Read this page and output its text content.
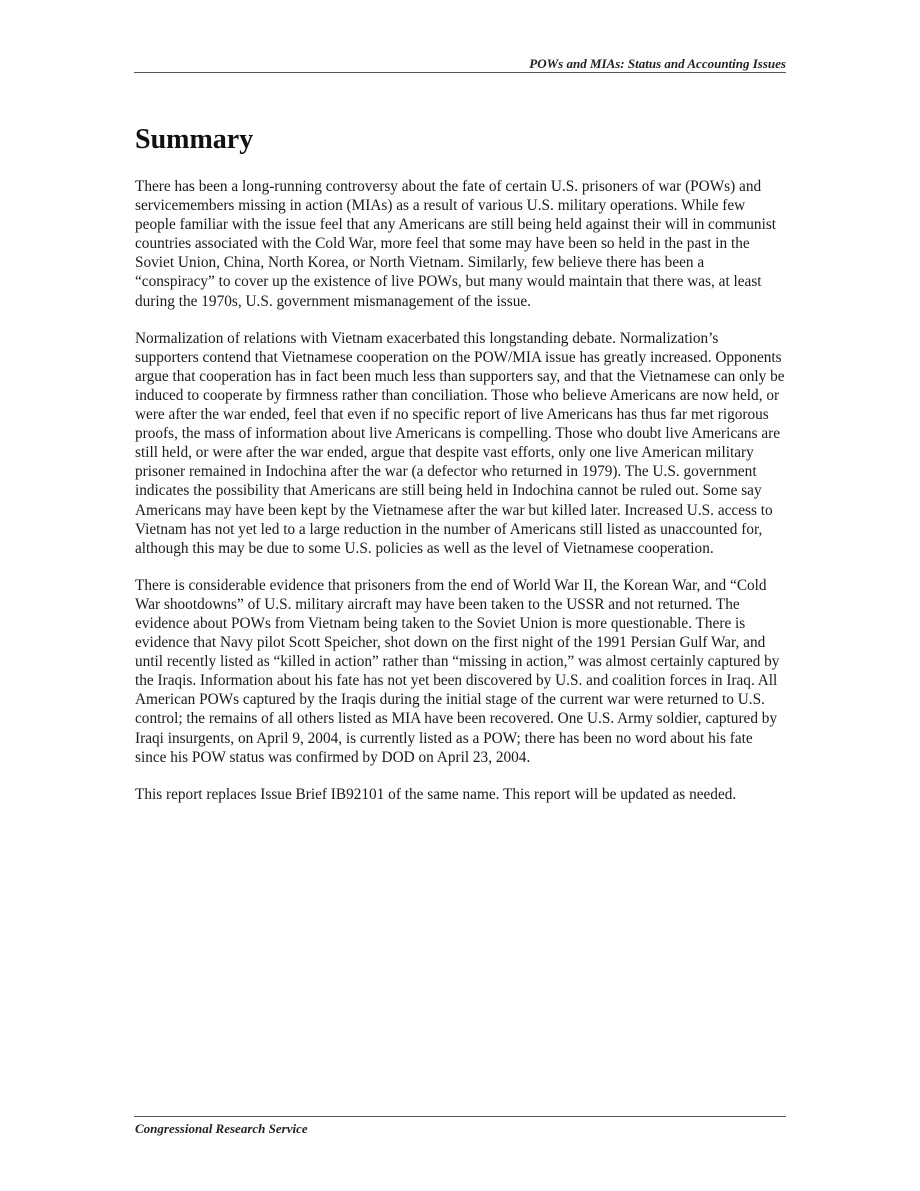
POWs and MIAs: Status and Accounting Issues
Summary

There has been a long-running controversy about the fate of certain U.S. prisoners of war (POWs) and servicemembers missing in action (MIAs) as a result of various U.S. military operations. While few people familiar with the issue feel that any Americans are still being held against their will in communist countries associated with the Cold War, more feel that some may have been so held in the past in the Soviet Union, China, North Korea, or North Vietnam. Similarly, few believe there has been a “conspiracy” to cover up the existence of live POWs, but many would maintain that there was, at least during the 1970s, U.S. government mismanagement of the issue.

Normalization of relations with Vietnam exacerbated this longstanding debate. Normalization’s supporters contend that Vietnamese cooperation on the POW/MIA issue has greatly increased. Opponents argue that cooperation has in fact been much less than supporters say, and that the Vietnamese can only be induced to cooperate by firmness rather than conciliation. Those who believe Americans are now held, or were after the war ended, feel that even if no specific report of live Americans has thus far met rigorous proofs, the mass of information about live Americans is compelling. Those who doubt live Americans are still held, or were after the war ended, argue that despite vast efforts, only one live American military prisoner remained in Indochina after the war (a defector who returned in 1979). The U.S. government indicates the possibility that Americans are still being held in Indochina cannot be ruled out. Some say Americans may have been kept by the Vietnamese after the war but killed later. Increased U.S. access to Vietnam has not yet led to a large reduction in the number of Americans still listed as unaccounted for, although this may be due to some U.S. policies as well as the level of Vietnamese cooperation.

There is considerable evidence that prisoners from the end of World War II, the Korean War, and “Cold War shootdowns” of U.S. military aircraft may have been taken to the USSR and not returned. The evidence about POWs from Vietnam being taken to the Soviet Union is more questionable. There is evidence that Navy pilot Scott Speicher, shot down on the first night of the 1991 Persian Gulf War, and until recently listed as “killed in action” rather than “missing in action,” was almost certainly captured by the Iraqis. Information about his fate has not yet been discovered by U.S. and coalition forces in Iraq. All American POWs captured by the Iraqis during the initial stage of the current war were returned to U.S. control; the remains of all others listed as MIA have been recovered. One U.S. Army soldier, captured by Iraqi insurgents, on April 9, 2004, is currently listed as a POW; there has been no word about his fate since his POW status was confirmed by DOD on April 23, 2004.

This report replaces Issue Brief IB92101 of the same name. This report will be updated as needed.

Congressional Research Service
